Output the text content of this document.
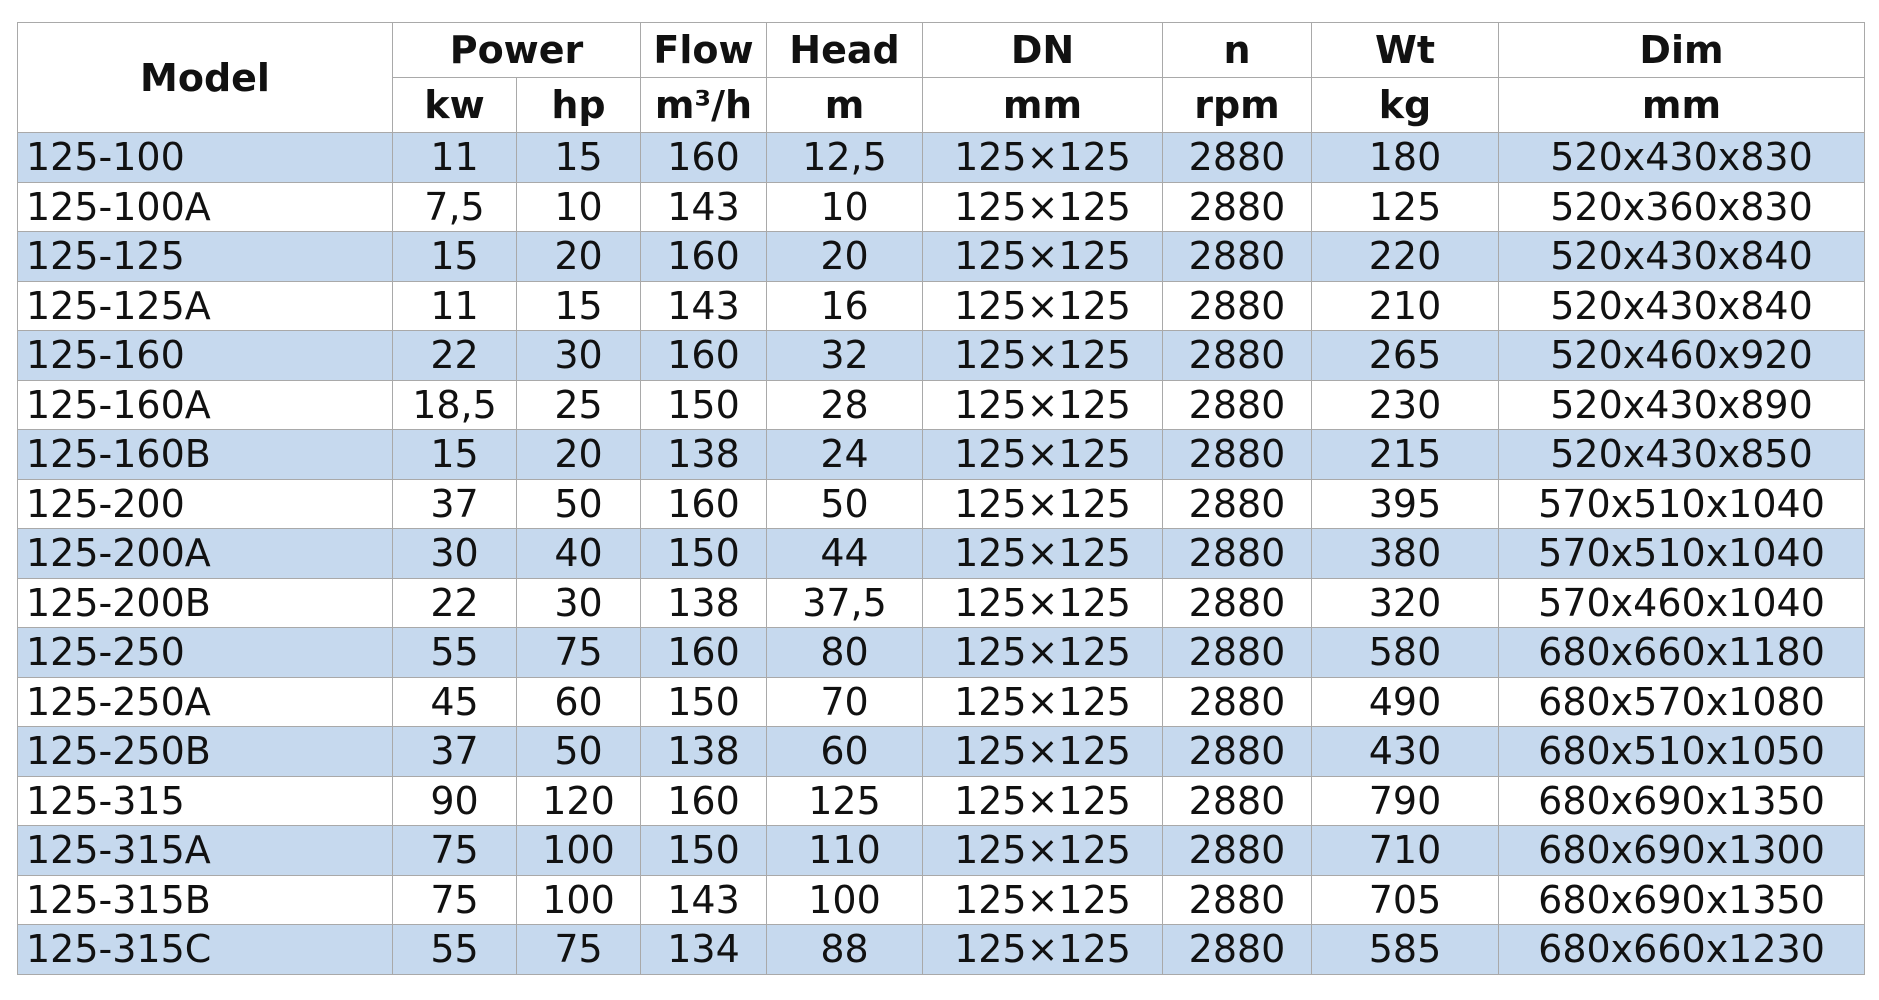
Model	Power		Flow	Head	DN	n	Wt	Dim
	kw	hp	m³/h	m	mm	rpm	kg	mm
125-100	11	15	160	12,5	125×125	2880	180	520x430x830
125-100A	7,5	10	143	10	125×125	2880	125	520x360x830
125-125	15	20	160	20	125×125	2880	220	520x430x840
125-125A	11	15	143	16	125×125	2880	210	520x430x840
125-160	22	30	160	32	125×125	2880	265	520x460x920
125-160A	18,5	25	150	28	125×125	2880	230	520x430x890
125-160B	15	20	138	24	125×125	2880	215	520x430x850
125-200	37	50	160	50	125×125	2880	395	570x510x1040
125-200A	30	40	150	44	125×125	2880	380	570x510x1040
125-200B	22	30	138	37,5	125×125	2880	320	570x460x1040
125-250	55	75	160	80	125×125	2880	580	680x660x1180
125-250A	45	60	150	70	125×125	2880	490	680x570x1080
125-250B	37	50	138	60	125×125	2880	430	680x510x1050
125-315	90	120	160	125	125×125	2880	790	680x690x1350
125-315A	75	100	150	110	125×125	2880	710	680x690x1300
125-315B	75	100	143	100	125×125	2880	705	680x690x1350
125-315C	55	75	134	88	125×125	2880	585	680x660x1230
